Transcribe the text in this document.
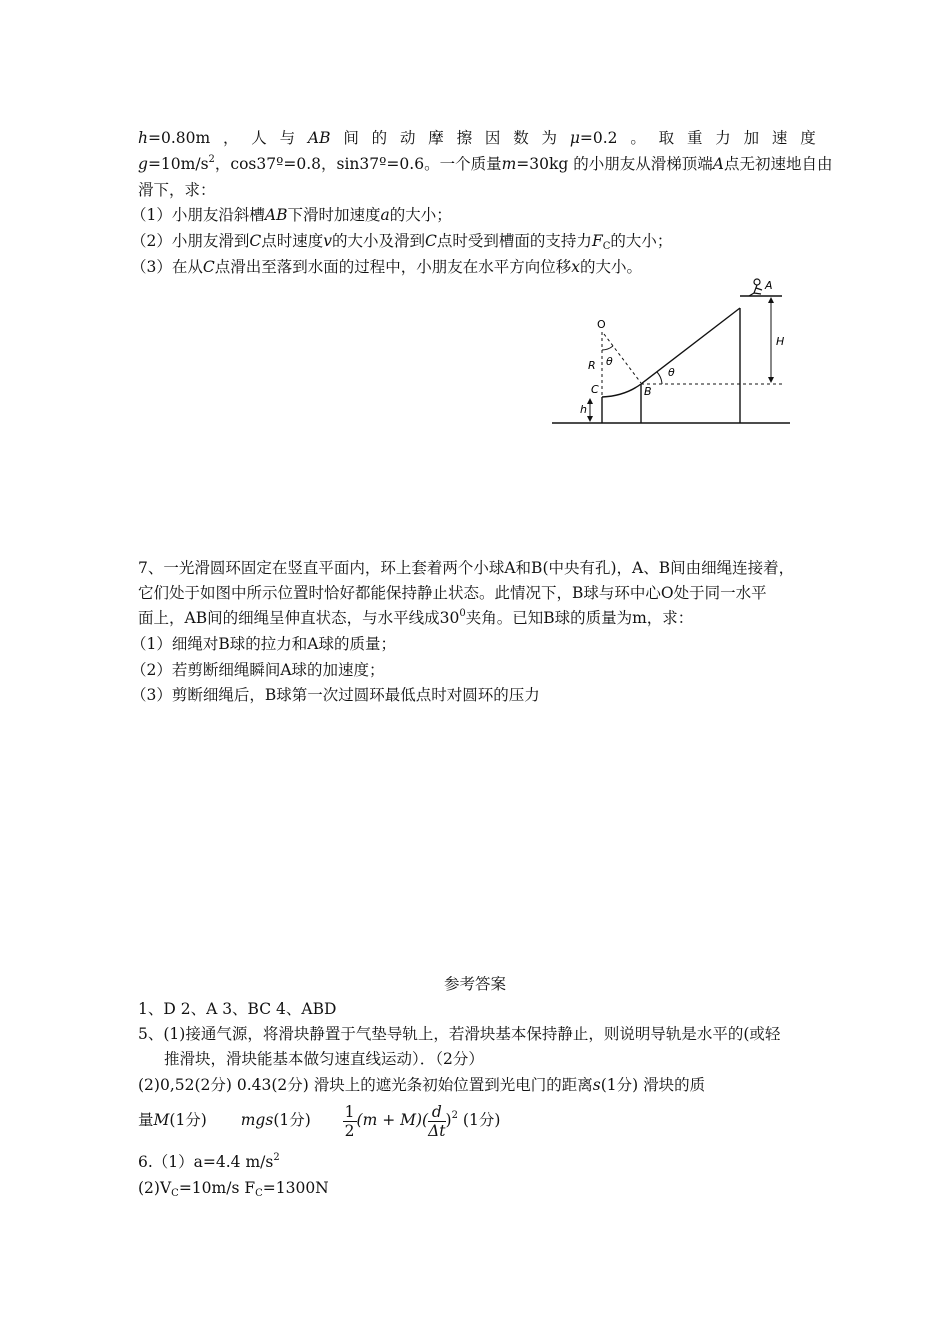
h=0.80m ， 人 与 AB 间 的 动 摩 擦 因 数 为 μ=0.2 。 取 重 力 加 速 度
$g=10m/s^2$，cos37º=0.8，sin37º=0.6。一个质量m=30kg 的小朋友从滑梯顶端A点无初速地自由
滑下，求：
（1）小朋友沿斜槽AB下滑时加速度a的大小；
（2）小朋友滑到C点时速度v的大小及滑到C点时受到槽面的支持力$F_C$的大小；
（3）在从C点滑出至落到水面的过程中，小朋友在水平方向位移x的大小。
A
H
O
R θ
θ
C	B
h
7、一光滑圆环固定在竖直平面内，环上套着两个小球A和B(中央有孔)，A、B间由细绳连接着，
它们处于如图中所示位置时恰好都能保持静止状态。此情况下，B球与环中心O处于同一水平
面上，AB间的细绳呈伸直状态，与水平线成$30^0$夹角。已知B球的质量为m，求：
（1）细绳对B球的拉力和A球的质量；
（2）若剪断细绳瞬间A球的加速度；
（3）剪断细绳后，B球第一次过圆环最低点时对圆环的压力
参考答案
1、D 2、A 3、BC 4、ABD
5、(1)接通气源，将滑块静置于气垫导轨上，若滑块基本保持静止，则说明导轨是水平的(或轻
推滑块，滑块能基本做匀速直线运动）．（2分）
(2)0,52(2分) 0.43(2分) 滑块上的遮光条初始位置到光电门的距离s(1分) 滑块的质
量M(1分) mgs(1分) $\frac{1}{2} (m + M)( \frac{d}{\Delta t} )^2$ (1分)
6.（1）a=4.4 $m/s^2$
$(2)V_C=10m/s$ $F_C=1300N$
